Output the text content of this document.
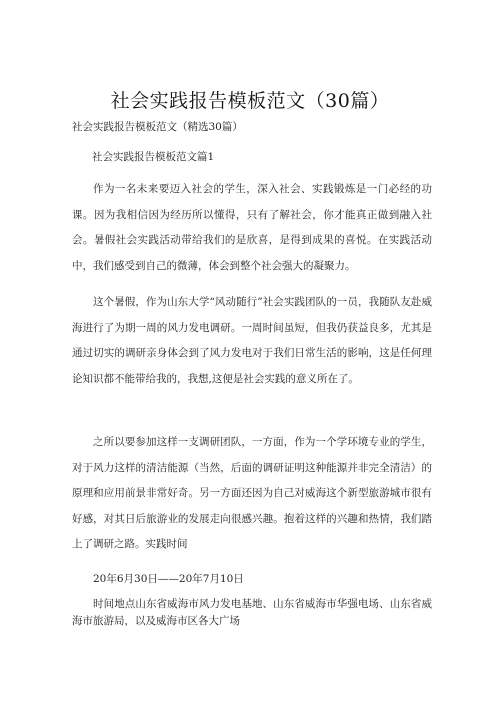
社会实践报告模板范文（30篇）
社会实践报告模板范文（精选30篇）
社会实践报告模板范文篇1

作为一名未来要迈入社会的学生，深入社会、实践锻炼是一门必经的功课。因为我相信因为经历所以懂得，只有了解社会，你才能真正做到融入社会。暑假社会实践活动带给我们的是欣喜，是得到成果的喜悦。在实践活动中，我们感受到自己的微薄，体会到整个社会强大的凝聚力。

这个暑假，作为山东大学“风动随行”社会实践团队的一员，我随队友赴威海进行了为期一周的风力发电调研。一周时间虽短，但我仍获益良多，尤其是通过切实的调研亲身体会到了风力发电对于我们日常生活的影响，这是任何理论知识都不能带给我的，我想,这便是社会实践的意义所在了。

之所以要参加这样一支调研团队，一方面，作为一个学环境专业的学生，对于风力这样的清洁能源（当然，后面的调研证明这种能源并非完全清洁）的原理和应用前景非常好奇。另一方面还因为自己对威海这个新型旅游城市很有好感，对其日后旅游业的发展走向很感兴趣。抱着这样的兴趣和热情，我们踏上了调研之路。实践时间

20年6月30日——20年7月10日

时间地点山东省威海市风力发电基地、山东省威海市华强电场、山东省威海市旅游局，以及威海市区各大广场
